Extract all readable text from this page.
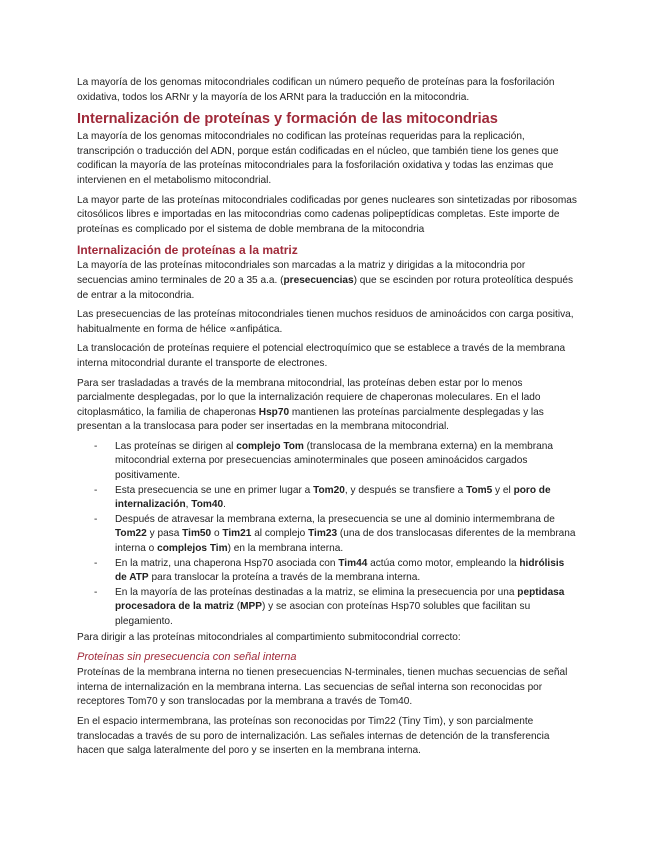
La mayoría de los genomas mitocondriales codifican un número pequeño de proteínas para la fosforilación oxidativa, todos los ARNr y la mayoría de los ARNt para la traducción en la mitocondria.

Internalización de proteínas y formación de las mitocondrias

La mayoría de los genomas mitocondriales no codifican las proteínas requeridas para la replicación, transcripción o traducción del ADN, porque están codificadas en el núcleo, que también tiene los genes que codifican la mayoría de las proteínas mitocondriales para la fosforilación oxidativa y todas las enzimas que intervienen en el metabolismo mitocondrial.

La mayor parte de las proteínas mitocondriales codificadas por genes nucleares son sintetizadas por ribosomas citosólicos libres e importadas en las mitocondrias como cadenas polipeptídicas completas. Este importe de proteínas es complicado por el sistema de doble membrana de la mitocondria

Internalización de proteínas a la matriz

La mayoría de las proteínas mitocondriales son marcadas a la matriz y dirigidas a la mitocondria por secuencias amino terminales de 20 a 35 a.a. (presecuencias) que se escinden por rotura proteolítica después de entrar a la mitocondria.

Las presecuencias de las proteínas mitocondriales tienen muchos residuos de aminoácidos con carga positiva, habitualmente en forma de hélice ∝anfipática.

La translocación de proteínas requiere el potencial electroquímico que se establece a través de la membrana interna mitocondrial durante el transporte de electrones.

Para ser trasladadas a través de la membrana mitocondrial, las proteínas deben estar por lo menos parcialmente desplegadas, por lo que la internalización requiere de chaperonas moleculares. En el lado citoplasmático, la familia de chaperonas Hsp70 mantienen las proteínas parcialmente desplegadas y las presentan a la translocasa para poder ser insertadas en la membrana mitocondrial.

- Las proteínas se dirigen al complejo Tom (translocasa de la membrana externa) en la membrana mitocondrial externa por presecuencias aminoterminales que poseen aminoácidos cargados positivamente.
- Esta presecuencia se une en primer lugar a Tom20, y después se transfiere a Tom5 y el poro de internalización, Tom40.
- Después de atravesar la membrana externa, la presecuencia se une al dominio intermembrana de Tom22 y pasa Tim50 o Tim21 al complejo Tim23 (una de dos translocasas diferentes de la membrana interna o complejos Tim) en la membrana interna.
- En la matriz, una chaperona Hsp70 asociada con Tim44 actúa como motor, empleando la hidrólisis de ATP para translocar la proteína a través de la membrana interna.
- En la mayoría de las proteínas destinadas a la matriz, se elimina la presecuencia por una peptidasa procesadora de la matriz (MPP) y se asocian con proteínas Hsp70 solubles que facilitan su plegamiento.

Para dirigir a las proteínas mitocondriales al compartimiento submitocondrial correcto:

Proteínas sin presecuencia con señal interna

Proteínas de la membrana interna no tienen presecuencias N-terminales, tienen muchas secuencias de señal interna de internalización en la membrana interna. Las secuencias de señal interna son reconocidas por receptores Tom70 y son translocadas por la membrana a través de Tom40.

En el espacio intermembrana, las proteínas son reconocidas por Tim22 (Tiny Tim), y son parcialmente translocadas a través de su poro de internalización. Las señales internas de detención de la transferencia hacen que salga lateralmente del poro y se inserten en la membrana interna.
